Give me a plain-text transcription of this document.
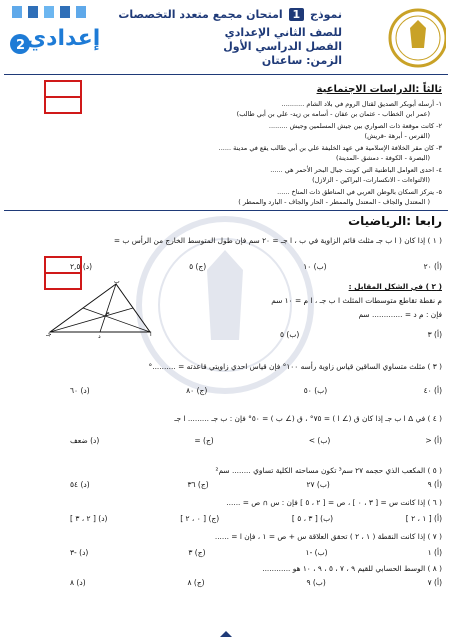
نموذج 1 امتحان مجمع متعدد التخصصات
للصف الثاني الإعدادي
الفصل الدراسي الأول
الزمن: ساعتان
2 إعدادي
ثالثاً :الدراسات الاجتماعية
١- أرسله أبوبكر الصديق لقتال الروم في بلاد الشام ...........
(عمر ابن الخطاب - عثمان بن عفان - أسامه بن زيد- علي بن أبي طالب)
٢- كانت موقعة ذات الصواري بين جيش المسلمين وجيش .........
(الفرس - أبرهة -قريش)
٣- كان مقر الخلافة الإسلامية في عهد الخليفة علي بن أبي طالب يقع في مدينة ......
(البصرة - الكوفة - دمشق -المدينة)
٤- احدى العوامل الباطنية التي كونت جبال البحر الأحمر هي ......
(الالتواءات - الانكسارات- البراكين - الزلازل)
٥- يتركز السكان بالوطن العربي في المناطق ذات المناخ ......
( المعتدل والجاف - المعتدل والممطر - الحار والجاف - البارد والممطر )
رابعا :الرياضيات
( ١ ) إذا كان ( ا ب جـ مثلث قائم الزاوية في ب ، ا جـ = ٢٠ سم فإن طول المتوسط الخارج من الرأس ب =
(أ) ٢٠
(ب) ١٠
(ج) ٥
(د) ٢,٥
( ٢ ) في الشكل المقابل :
م نقطة تقاطع متوسطات المثلث ا ب جـ ، ا م = ١٠ سم
فإن : م د = ............. سم
(أ) ٣
(ب) ٥
ب
جـ	ا
د
م
( ٣ ) مثلث متساوي الساقين قياس زاوية رأسه ١٠٠° فإن قياس احدي زاويتي قاعدته = ..........°
(أ) ٤٠
(ب) ٥٠
(ج) ٨٠
(د) ٦٠
( ٤ ) في Δ ا ب جـ إذا كان ق (∠ ا ) = ٧٥° ، ق (∠ ب ) = ٥٠° فإن : ب جـ ......... ا جـ
(أ) <
(ب) >
(ج) =
(د) ضعف
( ٥ ) المكعب الذي حجمه ٢٧ سم³ تكون مساحته الكلية تساوي ........ سم²
(أ) ٩
(ب) ٢٧
(ج) ٣٦
(د) ٥٤
( ٦ ) إذا كانت س = [ ٣ ، ٠ ] ، ص = [ ٢ ، ٥ ] فإن : س ∩ ص = ......
(أ) [ ١ ، ٢ ]
(ب) [ ٣ ، ٥ ]
(ج) [ ٠ ، ٢ ]
(د) [ ٢ ، ٣ ]
( ٧ ) إذا كانت النقطة ( ١ ، ٢ ) تحقق العلاقة س + ص = ١ ، فإن ا = ......
(أ) ١
(ب) -١
(ج) ٣
(د) -٣
( ٨ ) الوسط الحسابي للقيم ٩ ، ٧ ، ٥ ، ٩ ، ١٠ هو ............
(أ) ٧
(ب) ٩
(ج) ٨
(د) ٨
